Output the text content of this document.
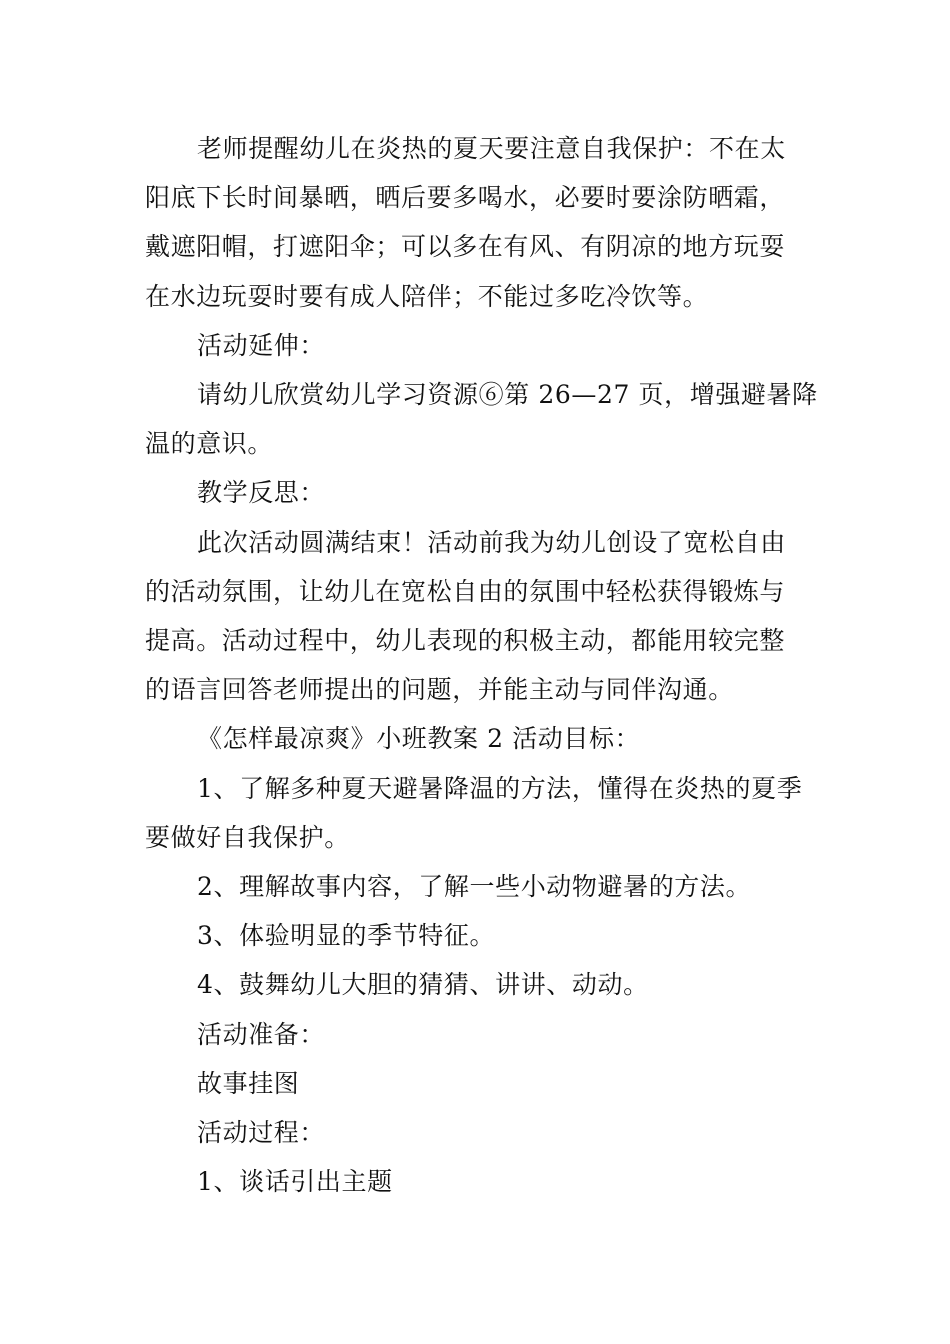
老师提醒幼儿在炎热的夏天要注意自我保护：不在太
阳底下长时间暴晒，晒后要多喝水，必要时要涂防晒霜，
戴遮阳帽，打遮阳伞；可以多在有风、有阴凉的地方玩耍
在水边玩耍时要有成人陪伴；不能过多吃冷饮等。
活动延伸：
请幼儿欣赏幼儿学习资源⑥第 26—27 页，增强避暑降
温的意识。
教学反思：
此次活动圆满结束！活动前我为幼儿创设了宽松自由
的活动氛围，让幼儿在宽松自由的氛围中轻松获得锻炼与
提高。活动过程中，幼儿表现的积极主动，都能用较完整
的语言回答老师提出的问题，并能主动与同伴沟通。
《怎样最凉爽》小班教案 2 活动目标：
1、了解多种夏天避暑降温的方法，懂得在炎热的夏季
要做好自我保护。
2、理解故事内容，了解一些小动物避暑的方法。
3、体验明显的季节特征。
4、鼓舞幼儿大胆的猜猜、讲讲、动动。
活动准备：
故事挂图
活动过程：
1、谈话引出主题
